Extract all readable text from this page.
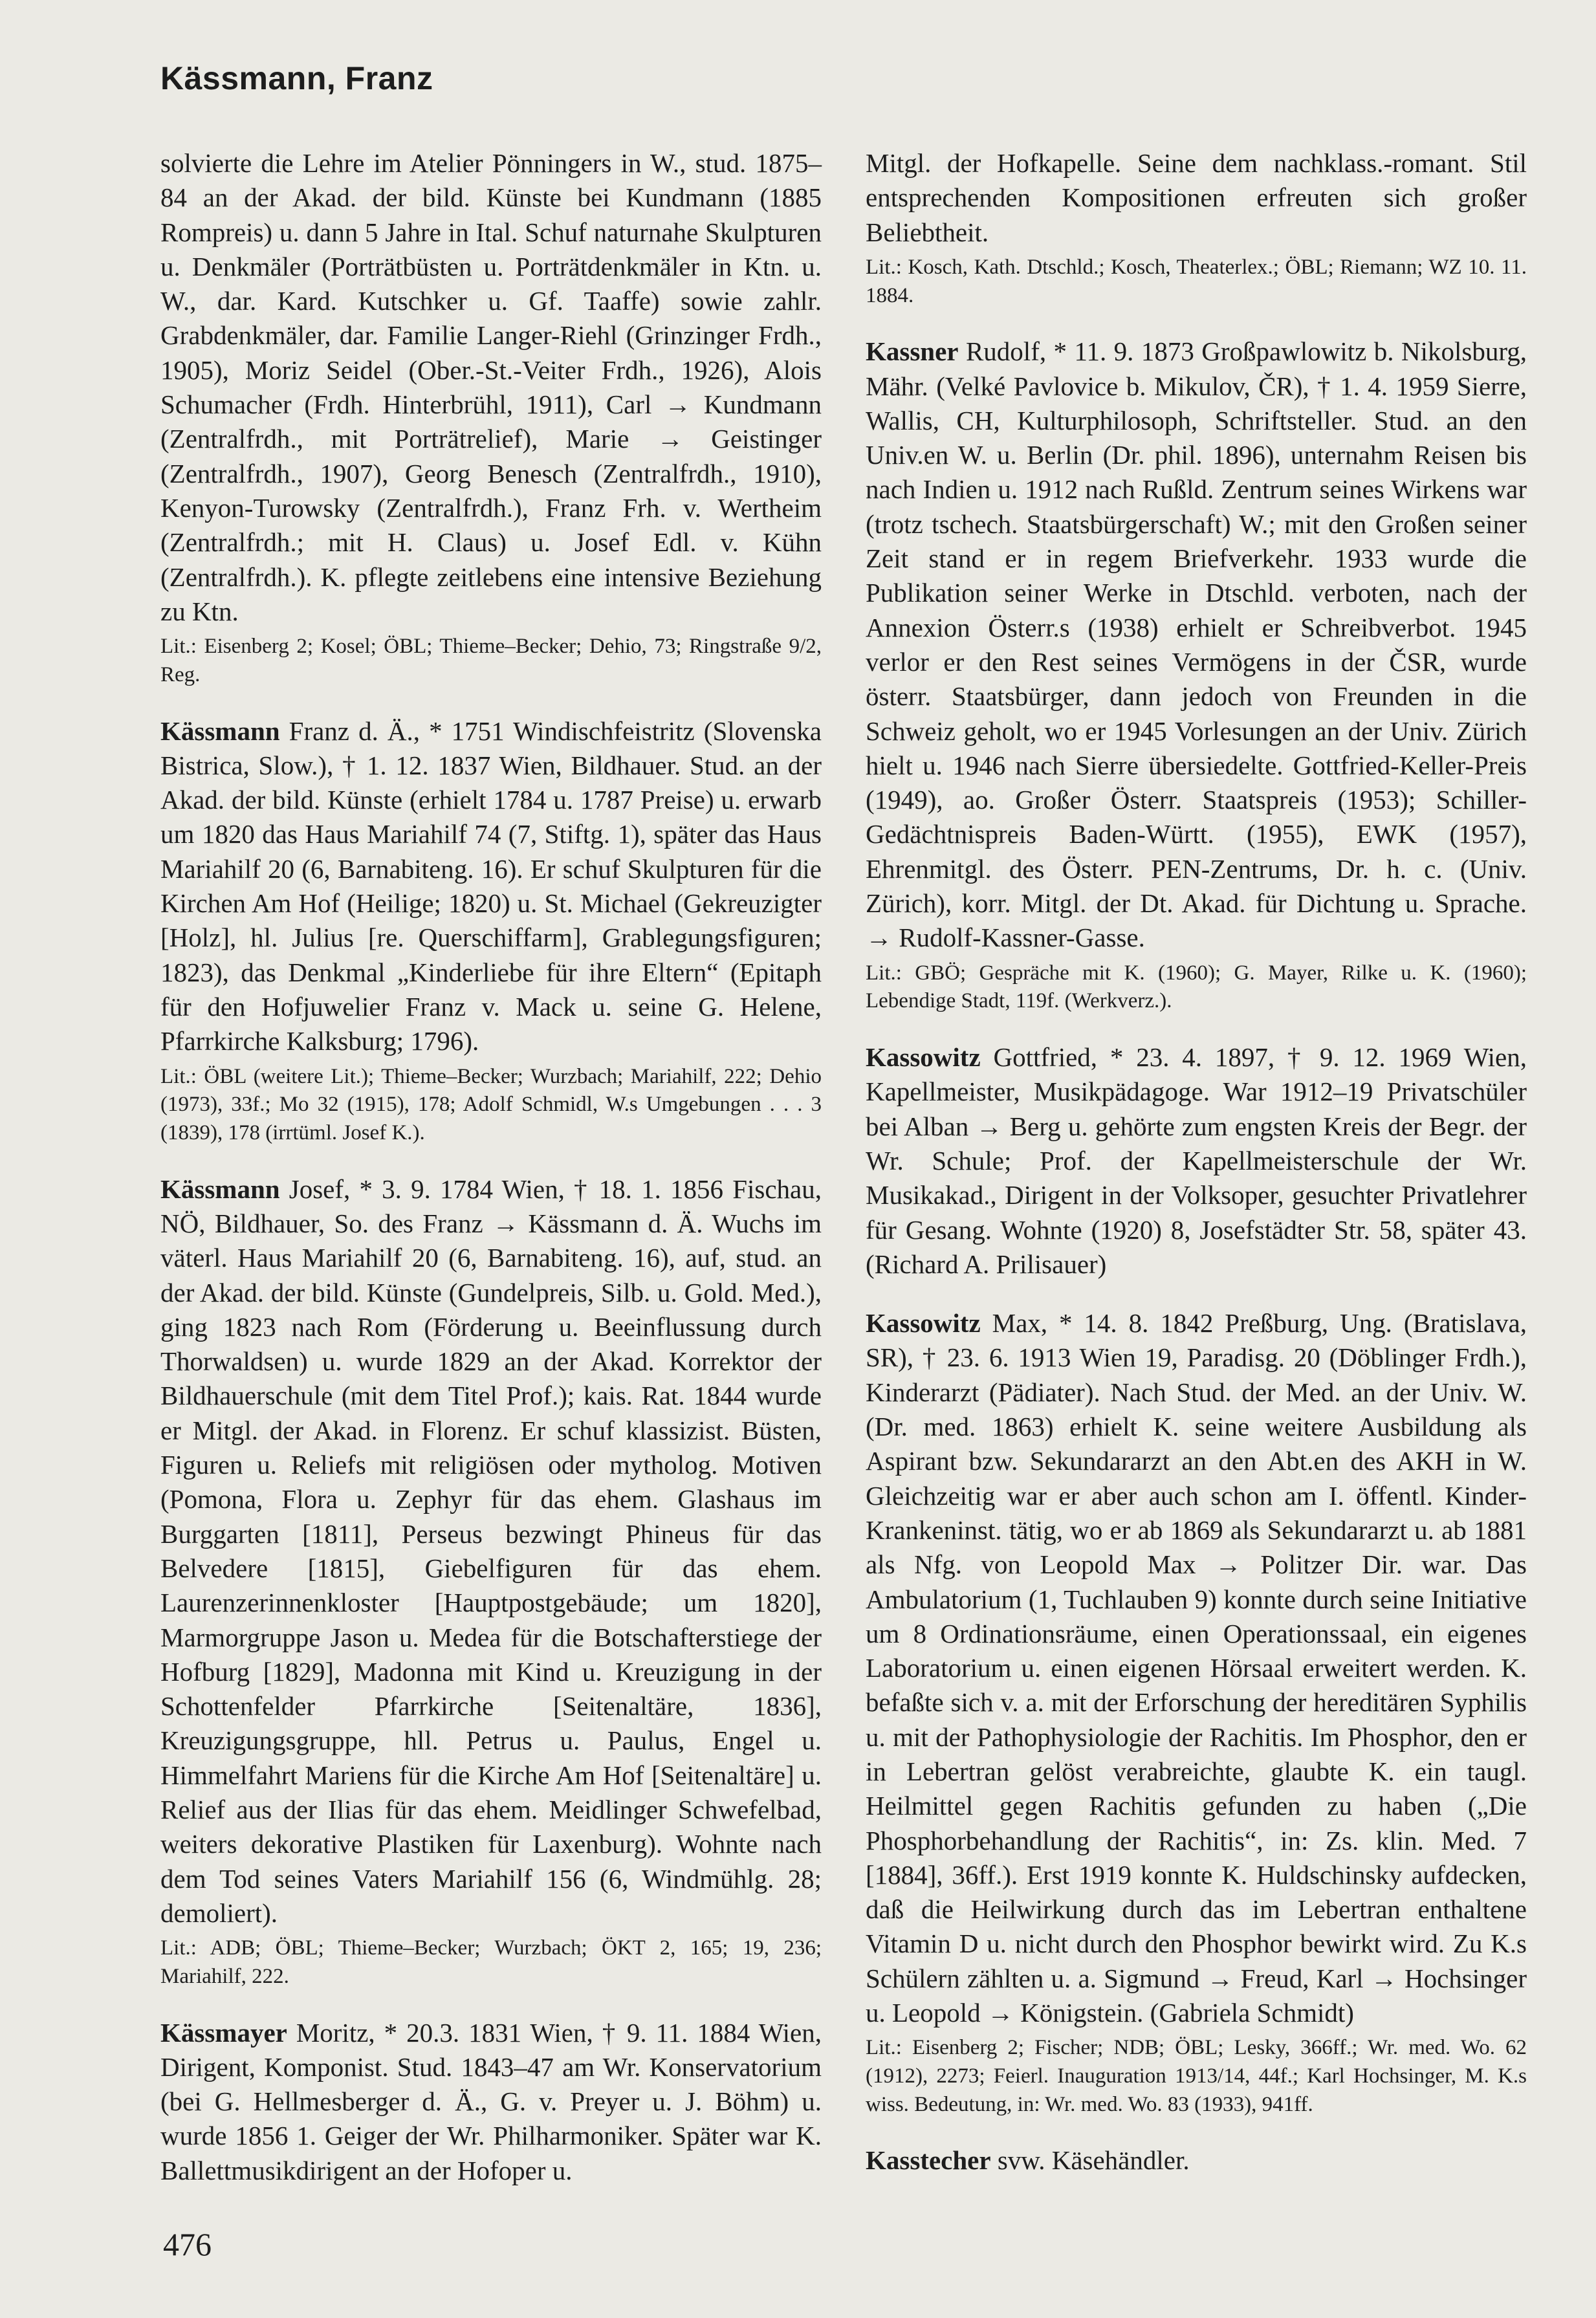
Kässmann, Franz

solvierte die Lehre im Atelier Pönningers in W., stud. 1875–84 an der Akad. der bild. Künste bei Kundmann (1885 Rompreis) u. dann 5 Jahre in Ital. Schuf naturnahe Skulpturen u. Denkmäler (Porträtbüsten u. Porträtdenkmäler in Ktn. u. W., dar. Kard. Kutschker u. Gf. Taaffe) sowie zahlr. Grabdenkmäler, dar. Familie Langer-Riehl (Grinzinger Frdh., 1905), Moriz Seidel (Ober.-St.-Veiter Frdh., 1926), Alois Schumacher (Frdh. Hinterbrühl, 1911), Carl → Kundmann (Zentralfrdh., mit Porträtrelief), Marie → Geistinger (Zentralfrdh., 1907), Georg Benesch (Zentralfrdh., 1910), Kenyon-Turowsky (Zentralfrdh.), Franz Frh. v. Wertheim (Zentralfrdh.; mit H. Claus) u. Josef Edl. v. Kühn (Zentralfrdh.). K. pflegte zeitlebens eine intensive Beziehung zu Ktn.

Lit.: Eisenberg 2; Kosel; ÖBL; Thieme–Becker; Dehio, 73; Ringstraße 9/2, Reg.

Kässmann Franz d. Ä., * 1751 Windischfeistritz (Slovenska Bistrica, Slow.), † 1. 12. 1837 Wien, Bildhauer. Stud. an der Akad. der bild. Künste (erhielt 1784 u. 1787 Preise) u. erwarb um 1820 das Haus Mariahilf 74 (7, Stiftg. 1), später das Haus Mariahilf 20 (6, Barnabiteng. 16). Er schuf Skulpturen für die Kirchen Am Hof (Heilige; 1820) u. St. Michael (Gekreuzigter [Holz], hl. Julius [re. Querschiffarm], Grablegungsfiguren; 1823), das Denkmal „Kinderliebe für ihre Eltern“ (Epitaph für den Hofjuwelier Franz v. Mack u. seine G. Helene, Pfarrkirche Kalksburg; 1796).

Lit.: ÖBL (weitere Lit.); Thieme–Becker; Wurzbach; Mariahilf, 222; Dehio (1973), 33f.; Mo 32 (1915), 178; Adolf Schmidl, W.s Umgebungen . . . 3 (1839), 178 (irrtüml. Josef K.).

Kässmann Josef, * 3. 9. 1784 Wien, † 18. 1. 1856 Fischau, NÖ, Bildhauer, So. des Franz → Kässmann d. Ä. Wuchs im väterl. Haus Mariahilf 20 (6, Barnabiteng. 16), auf, stud. an der Akad. der bild. Künste (Gundelpreis, Silb. u. Gold. Med.), ging 1823 nach Rom (Förderung u. Beeinflussung durch Thorwaldsen) u. wurde 1829 an der Akad. Korrektor der Bildhauerschule (mit dem Titel Prof.); kais. Rat. 1844 wurde er Mitgl. der Akad. in Florenz. Er schuf klassizist. Büsten, Figuren u. Reliefs mit religiösen oder mytholog. Motiven (Pomona, Flora u. Zephyr für das ehem. Glashaus im Burggarten [1811], Perseus bezwingt Phineus für das Belvedere [1815], Giebelfiguren für das ehem. Laurenzerinnenkloster [Hauptpostgebäude; um 1820], Marmorgruppe Jason u. Medea für die Botschafterstiege der Hofburg [1829], Madonna mit Kind u. Kreuzigung in der Schottenfelder Pfarrkirche [Seitenaltäre, 1836], Kreuzigungsgruppe, hll. Petrus u. Paulus, Engel u. Himmelfahrt Mariens für die Kirche Am Hof [Seitenaltäre] u. Relief aus der Ilias für das ehem. Meidlinger Schwefelbad, weiters dekorative Plastiken für Laxenburg). Wohnte nach dem Tod seines Vaters Mariahilf 156 (6, Windmühlg. 28; demoliert).

Lit.: ADB; ÖBL; Thieme–Becker; Wurzbach; ÖKT 2, 165; 19, 236; Mariahilf, 222.

Kässmayer Moritz, * 20.3. 1831 Wien, † 9. 11. 1884 Wien, Dirigent, Komponist. Stud. 1843–47 am Wr. Konservatorium (bei G. Hellmesberger d. Ä., G. v. Preyer u. J. Böhm) u. wurde 1856 1. Geiger der Wr. Philharmoniker. Später war K. Ballettmusikdirigent an der Hofoper u.

Mitgl. der Hofkapelle. Seine dem nachklass.-romant. Stil entsprechenden Kompositionen erfreuten sich großer Beliebtheit.

Lit.: Kosch, Kath. Dtschld.; Kosch, Theaterlex.; ÖBL; Riemann; WZ 10. 11. 1884.

Kassner Rudolf, * 11. 9. 1873 Großpawlowitz b. Nikolsburg, Mähr. (Velké Pavlovice b. Mikulov, ČR), † 1. 4. 1959 Sierre, Wallis, CH, Kulturphilosoph, Schriftsteller. Stud. an den Univ.en W. u. Berlin (Dr. phil. 1896), unternahm Reisen bis nach Indien u. 1912 nach Rußld. Zentrum seines Wirkens war (trotz tschech. Staatsbürgerschaft) W.; mit den Großen seiner Zeit stand er in regem Briefverkehr. 1933 wurde die Publikation seiner Werke in Dtschld. verboten, nach der Annexion Österr.s (1938) erhielt er Schreibverbot. 1945 verlor er den Rest seines Vermögens in der ČSR, wurde österr. Staatsbürger, dann jedoch von Freunden in die Schweiz geholt, wo er 1945 Vorlesungen an der Univ. Zürich hielt u. 1946 nach Sierre übersiedelte. Gottfried-Keller-Preis (1949), ao. Großer Österr. Staatspreis (1953); Schiller-Gedächtnispreis Baden-Württ. (1955), EWK (1957), Ehrenmitgl. des Österr. PEN-Zentrums, Dr. h. c. (Univ. Zürich), korr. Mitgl. der Dt. Akad. für Dichtung u. Sprache. → Rudolf-Kassner-Gasse.

Lit.: GBÖ; Gespräche mit K. (1960); G. Mayer, Rilke u. K. (1960); Lebendige Stadt, 119f. (Werkverz.).

Kassowitz Gottfried, * 23. 4. 1897, † 9. 12. 1969 Wien, Kapellmeister, Musikpädagoge. War 1912–19 Privatschüler bei Alban → Berg u. gehörte zum engsten Kreis der Begr. der Wr. Schule; Prof. der Kapellmeisterschule der Wr. Musikakad., Dirigent in der Volksoper, gesuchter Privatlehrer für Gesang. Wohnte (1920) 8, Josefstädter Str. 58, später 43. (Richard A. Prilisauer)

Kassowitz Max, * 14. 8. 1842 Preßburg, Ung. (Bratislava, SR), † 23. 6. 1913 Wien 19, Paradisg. 20 (Döblinger Frdh.), Kinderarzt (Pädiater). Nach Stud. der Med. an der Univ. W. (Dr. med. 1863) erhielt K. seine weitere Ausbildung als Aspirant bzw. Sekundararzt an den Abt.en des AKH in W. Gleichzeitig war er aber auch schon am I. öffentl. Kinder-Krankeninst. tätig, wo er ab 1869 als Sekundararzt u. ab 1881 als Nfg. von Leopold Max → Politzer Dir. war. Das Ambulatorium (1, Tuchlauben 9) konnte durch seine Initiative um 8 Ordinationsräume, einen Operationssaal, ein eigenes Laboratorium u. einen eigenen Hörsaal erweitert werden. K. befaßte sich v. a. mit der Erforschung der hereditären Syphilis u. mit der Pathophysiologie der Rachitis. Im Phosphor, den er in Lebertran gelöst verabreichte, glaubte K. ein taugl. Heilmittel gegen Rachitis gefunden zu haben („Die Phosphorbehandlung der Rachitis“, in: Zs. klin. Med. 7 [1884], 36ff.). Erst 1919 konnte K. Huldschinsky aufdecken, daß die Heilwirkung durch das im Lebertran enthaltene Vitamin D u. nicht durch den Phosphor bewirkt wird. Zu K.s Schülern zählten u. a. Sigmund → Freud, Karl → Hochsinger u. Leopold → Königstein. (Gabriela Schmidt)

Lit.: Eisenberg 2; Fischer; NDB; ÖBL; Lesky, 366ff.; Wr. med. Wo. 62 (1912), 2273; Feierl. Inauguration 1913/14, 44f.; Karl Hochsinger, M. K.s wiss. Bedeutung, in: Wr. med. Wo. 83 (1933), 941ff.

Kasstecher svw. Käsehändler.

476
